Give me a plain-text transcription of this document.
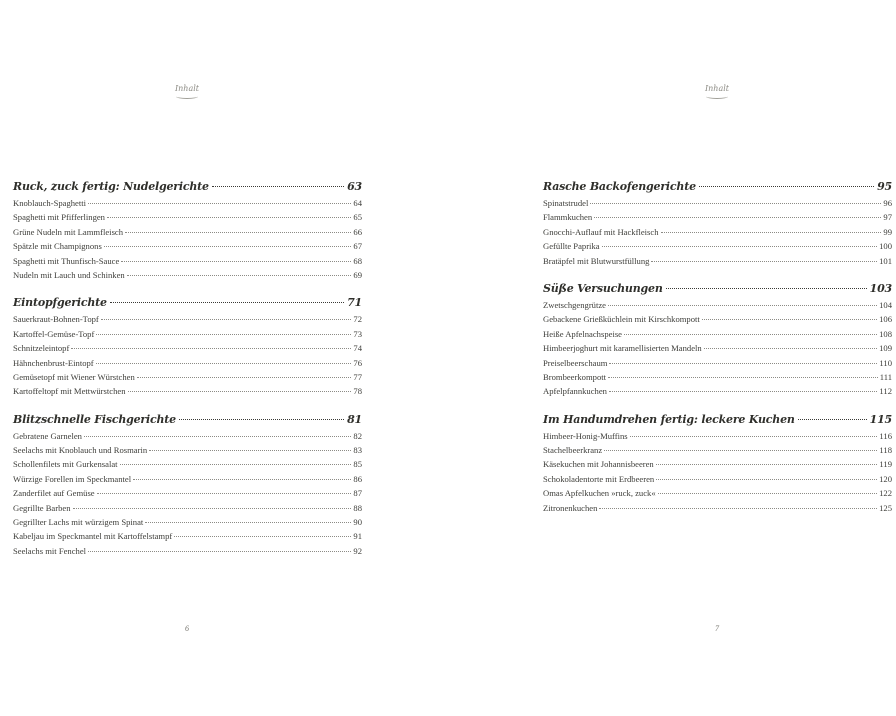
Inhalt
Ruck, zuck fertig: Nudelgerichte	63
Knoblauch-Spaghetti	64
Spaghetti mit Pfifferlingen	65
Grüne Nudeln mit Lammfleisch	66
Spätzle mit Champignons	67
Spaghetti mit Thunfisch-Sauce	68
Nudeln mit Lauch und Schinken	69
Eintopfgerichte	71
Sauerkraut-Bohnen-Topf	72
Kartoffel-Gemüse-Topf	73
Schnitzeleintopf	74
Hähnchenbrust-Eintopf	76
Gemüsetopf mit Wiener Würstchen	77
Kartoffeltopf mit Mettwürstchen	78
Blitzschnelle Fischgerichte	81
Gebratene Garnelen	82
Seelachs mit Knoblauch und Rosmarin	83
Schollenfilets mit Gurkensalat	85
Würzige Forellen im Speckmantel	86
Zanderfilet auf Gemüse	87
Gegrillte Barben	88
Gegrillter Lachs mit würzigem Spinat	90
Kabeljau im Speckmantel mit Kartoffelstampf	91
Seelachs mit Fenchel	92
6
Inhalt
Rasche Backofengerichte	95
Spinatstrudel	96
Flammkuchen	97
Gnocchi-Auflauf mit Hackfleisch	99
Gefüllte Paprika	100
Bratäpfel mit Blutwurstfüllung	101
Süße Versuchungen	103
Zwetschgengrütze	104
Gebackene Grießküchlein mit Kirschkompott	106
Heiße Apfelnachspeise	108
Himbeerjoghurt mit karamellisierten Mandeln	109
Preiselbeerschaum	110
Brombeerkompott	111
Apfelpfannkuchen	112
Im Handumdrehen fertig: leckere Kuchen	115
Himbeer-Honig-Muffins	116
Stachelbeerkranz	118
Käsekuchen mit Johannisbeeren	119
Schokoladentorte mit Erdbeeren	120
Omas Apfelkuchen »ruck, zuck«	122
Zitronenkuchen	125
7
